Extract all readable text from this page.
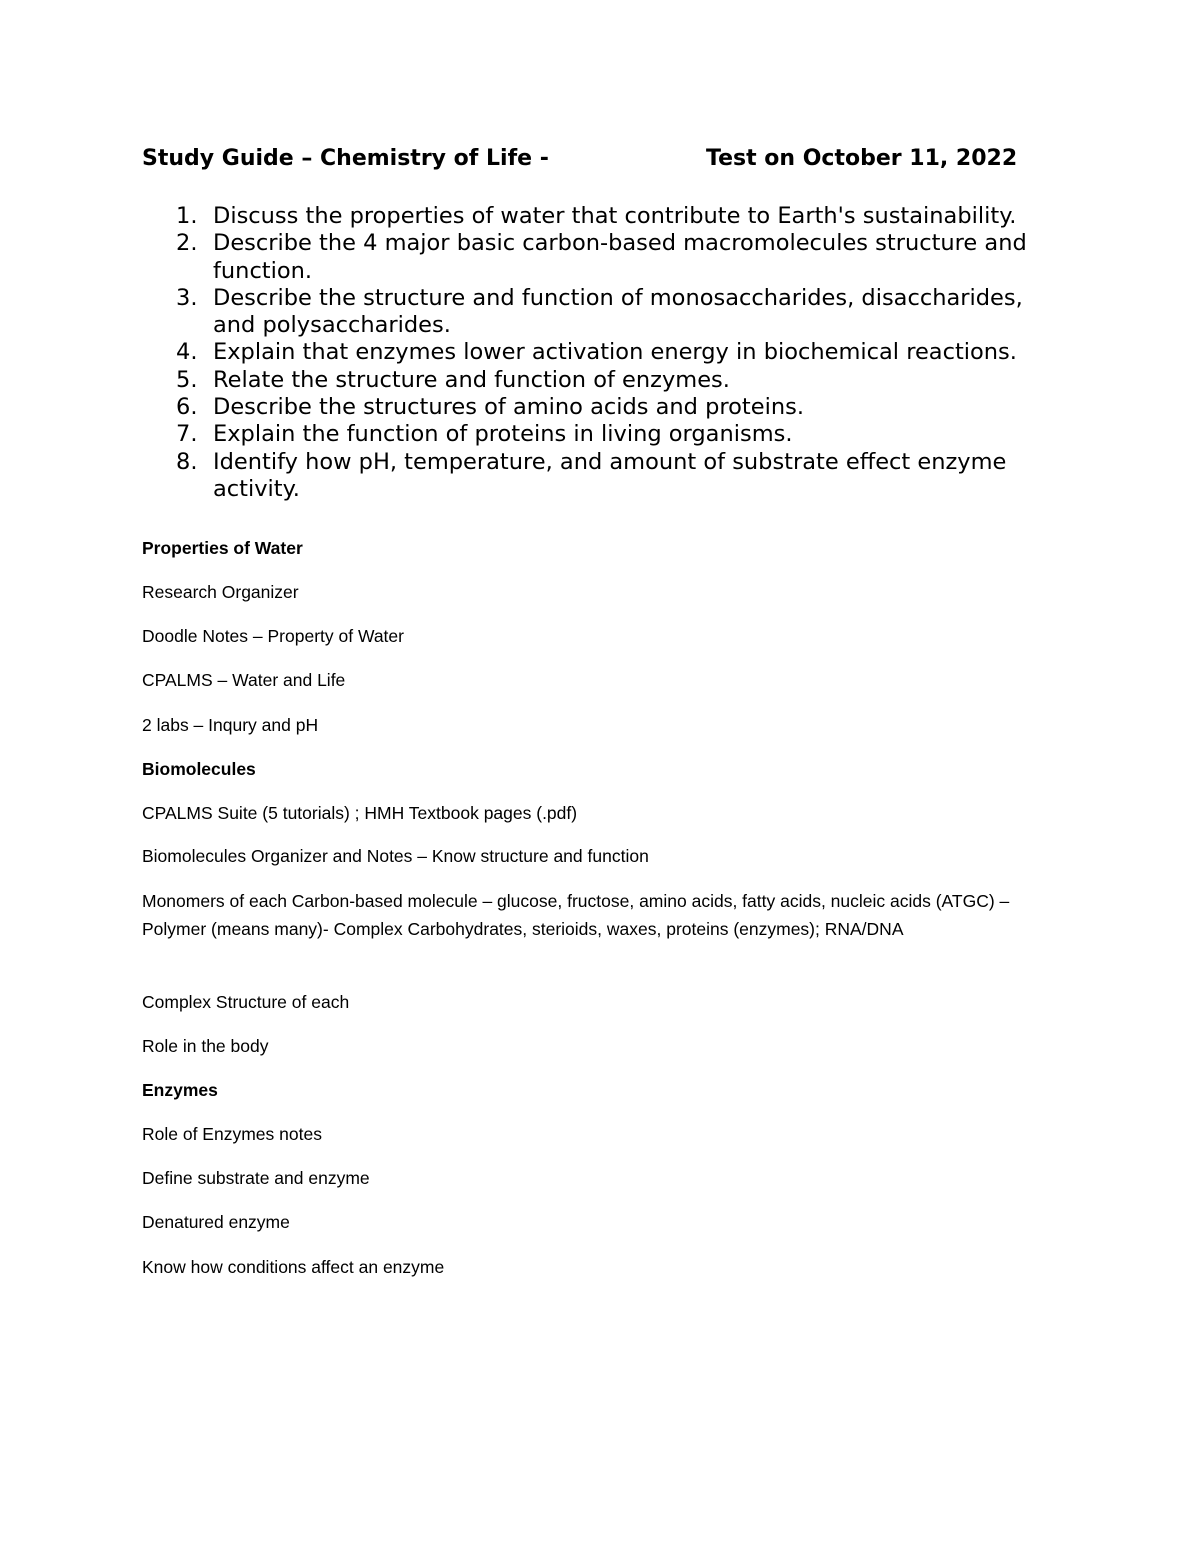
Study Guide – Chemistry of Life -	Test on October 11, 2022
1. Discuss the properties of water that contribute to Earth's sustainability.
2. Describe the 4 major basic carbon-based macromolecules structure and function.
3. Describe the structure and function of monosaccharides, disaccharides, and polysaccharides.
4. Explain that enzymes lower activation energy in biochemical reactions.
5. Relate the structure and function of enzymes.
6. Describe the structures of amino acids and proteins.
7. Explain the function of proteins in living organisms.
8. Identify how pH, temperature, and amount of substrate effect enzyme activity.
Properties of Water
Research Organizer
Doodle Notes – Property of Water
CPALMS – Water and Life
2 labs – Inqury and pH
Biomolecules
CPALMS Suite (5 tutorials) ; HMH Textbook pages (.pdf)
Biomolecules Organizer and Notes – Know structure and function
Monomers of each Carbon-based molecule – glucose, fructose, amino acids, fatty acids, nucleic acids (ATGC) – Polymer (means many)- Complex Carbohydrates, sterioids, waxes, proteins (enzymes); RNA/DNA
Complex Structure of each
Role in the body
Enzymes
Role of Enzymes notes
Define substrate and enzyme
Denatured enzyme
Know how conditions affect an enzyme
